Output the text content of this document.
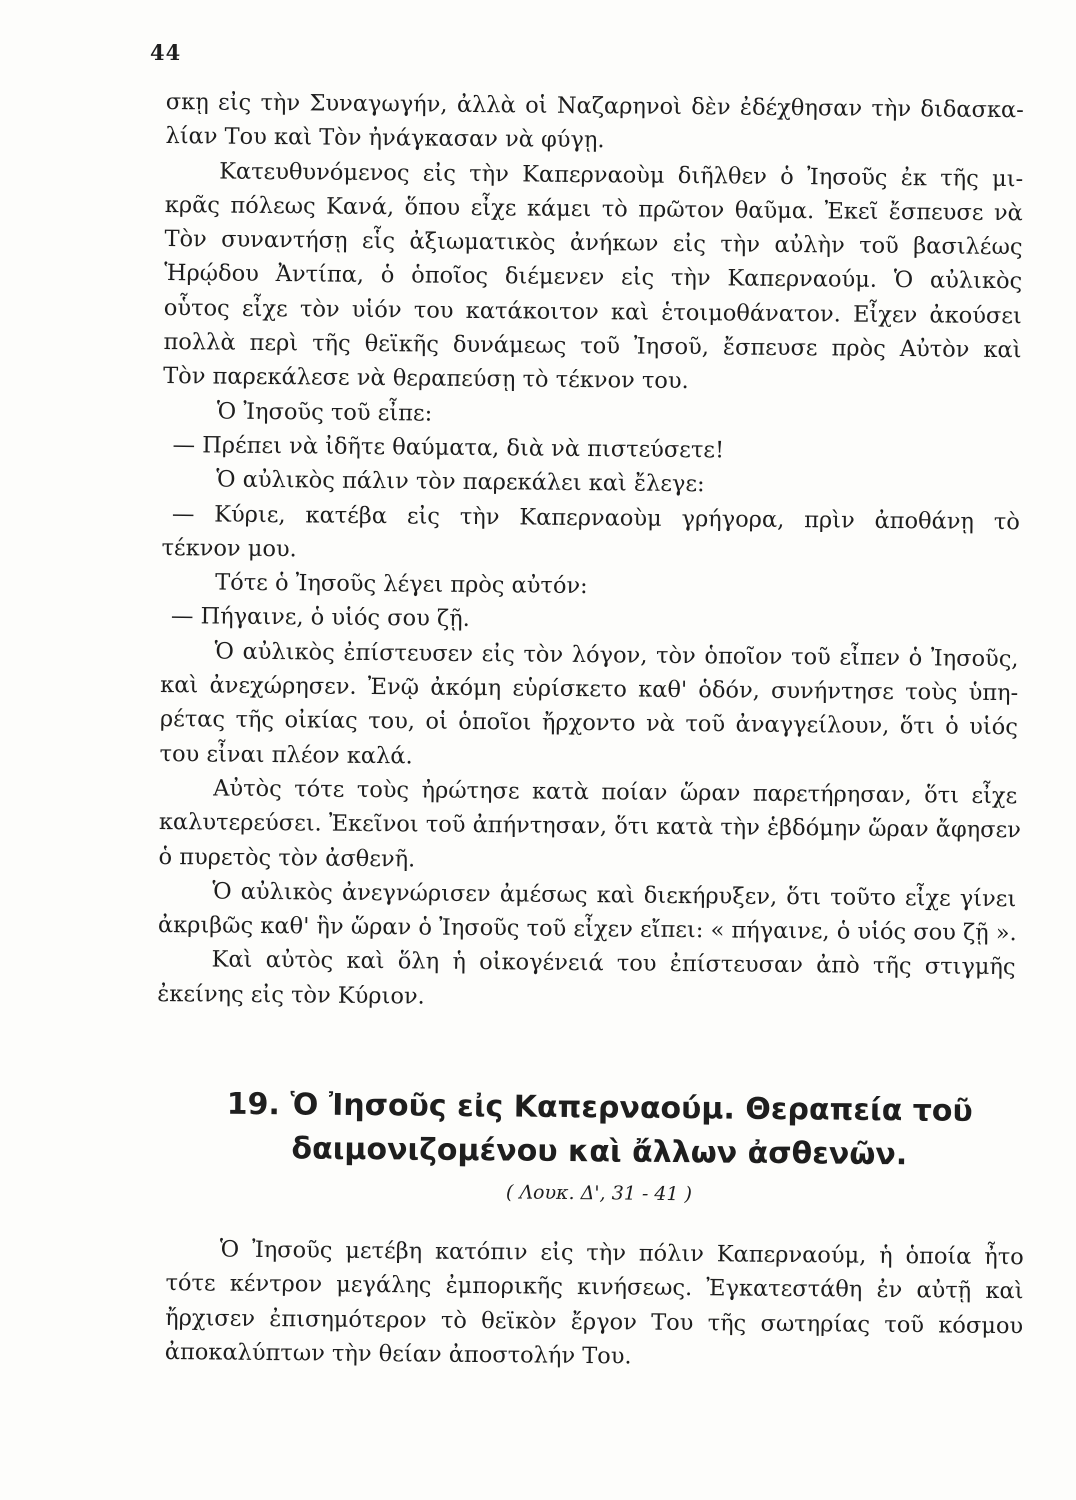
44
σκῃ εἰς τὴν Συναγωγήν, ἀλλὰ οἱ Ναζαρηνοὶ δὲν ἐδέχθησαν τὴν διδασκα-
λίαν Του καὶ Τὸν ἠνάγκασαν νὰ φύγῃ.
Κατευθυνόμενος εἰς τὴν Καπερναοὺμ διῆλθεν ὁ Ἰησοῦς ἐκ τῆς μι-
κρᾶς πόλεως Κανά, ὅπου εἶχε κάμει τὸ πρῶτον θαῦμα. Ἐκεῖ ἔσπευσε νὰ
Τὸν συναντήσῃ εἷς ἀξιωματικὸς ἀνήκων εἰς τὴν αὐλὴν τοῦ βασιλέως
Ἡρῴδου Ἀντίπα, ὁ ὁποῖος διέμενεν εἰς τὴν Καπερναούμ. Ὁ αὐλικὸς
οὗτος εἶχε τὸν υἱόν του κατάκοιτον καὶ ἑτοιμοθάνατον. Εἶχεν ἀκούσει
πολλὰ περὶ τῆς θεϊκῆς δυνάμεως τοῦ Ἰησοῦ, ἔσπευσε πρὸς Αὐτὸν καὶ
Τὸν παρεκάλεσε νὰ θεραπεύσῃ τὸ τέκνον του.
Ὁ Ἰησοῦς τοῦ εἶπε:
— Πρέπει νὰ ἰδῆτε θαύματα, διὰ νὰ πιστεύσετε!
Ὁ αὐλικὸς πάλιν τὸν παρεκάλει καὶ ἔλεγε:
— Κύριε, κατέβα εἰς τὴν Καπερναοὺμ γρήγορα, πρὶν ἀποθάνῃ τὸ
τέκνον μου.
Τότε ὁ Ἰησοῦς λέγει πρὸς αὐτόν:
— Πήγαινε, ὁ υἱός σου ζῇ.
Ὁ αὐλικὸς ἐπίστευσεν εἰς τὸν λόγον, τὸν ὁποῖον τοῦ εἶπεν ὁ Ἰησοῦς,
καὶ ἀνεχώρησεν. Ἐνῷ ἀκόμη εὑρίσκετο καθ' ὁδόν, συνήντησε τοὺς ὑπη-
ρέτας τῆς οἰκίας του, οἱ ὁποῖοι ἤρχοντο νὰ τοῦ ἀναγγείλουν, ὅτι ὁ υἱός
του εἶναι πλέον καλά.
Αὐτὸς τότε τοὺς ἠρώτησε κατὰ ποίαν ὥραν παρετήρησαν, ὅτι εἶχε
καλυτερεύσει. Ἐκεῖνοι τοῦ ἀπήντησαν, ὅτι κατὰ τὴν ἑβδόμην ὥραν ἄφησεν
ὁ πυρετὸς τὸν ἀσθενῆ.
Ὁ αὐλικὸς ἀνεγνώρισεν ἀμέσως καὶ διεκήρυξεν, ὅτι τοῦτο εἶχε γίνει
ἀκριβῶς καθ' ἣν ὥραν ὁ Ἰησοῦς τοῦ εἶχεν εἴπει: « πήγαινε, ὁ υἱός σου ζῇ ».
Καὶ αὐτὸς καὶ ὅλη ἡ οἰκογένειά του ἐπίστευσαν ἀπὸ τῆς στιγμῆς
ἐκείνης εἰς τὸν Κύριον.
19. Ὁ Ἰησοῦς εἰς Καπερναούμ. Θεραπεία τοῦ
δαιμονιζομένου καὶ ἄλλων ἀσθενῶν.
( Λουκ. Δ', 31 - 41 )
Ὁ Ἰησοῦς μετέβη κατόπιν εἰς τὴν πόλιν Καπερναούμ, ἡ ὁποία ἦτο
τότε κέντρον μεγάλης ἐμπορικῆς κινήσεως. Ἐγκατεστάθη ἐν αὐτῇ καὶ
ἤρχισεν ἐπισημότερον τὸ θεϊκὸν ἔργον Του τῆς σωτηρίας τοῦ κόσμου
ἀποκαλύπτων τὴν θείαν ἀποστολήν Του.
